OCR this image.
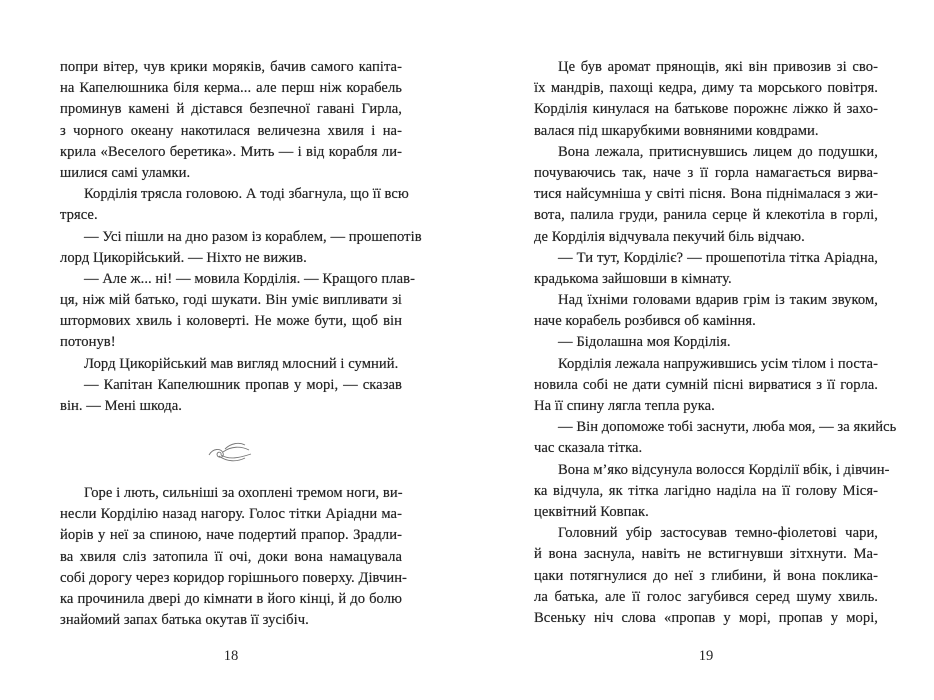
попри вітер, чув крики моряків, бачив самого капіта-
на Капелюшника біля керма... але перш ніж корабель
проминув камені й дістався безпечної гавані Гирла,
з чорного океану накотилася величезна хвиля і на-
крила «Веселого беретика». Мить — і від корабля ли-
шилися самі уламки.
Корділія трясла головою. А тоді збагнула, що її всю
трясе.
— Усі пішли на дно разом із кораблем, — прошепотів
лорд Цикорійський. — Ніхто не вижив.
— Але ж... ні! — мовила Корділія. — Кращого плав-
ця, ніж мій батько, годі шукати. Він уміє випливати зі
штормових хвиль і коловерті. Не може бути, щоб він
потонув!
Лорд Цикорійський мав вигляд млосний і сумний.
— Капітан Капелюшник пропав у морі, — сказав
він. — Мені шкода.
Горе і лють, сильніші за охоплені тремом ноги, ви-
несли Корділію назад нагору. Голос тітки Аріадни ма-
йорів у неї за спиною, наче подертий прапор. Зрадли-
ва хвиля сліз затопила її очі, доки вона намацувала
собі дорогу через коридор горішнього поверху. Дівчин-
ка прочинила двері до кімнати в його кінці, й до болю
знайомий запах батька окутав її зусібіч.
18
Це був аромат прянощів, які він привозив зі сво-
їх мандрів, пахощі кедра, диму та морського повітря.
Корділія кинулася на батькове порожнє ліжко й захо-
валася під шкарубкими вовняними ковдрами.
Вона лежала, притиснувшись лицем до подушки,
почуваючись так, наче з її горла намагається вирва-
тися найсумніша у світі пісня. Вона піднімалася з жи-
вота, палила груди, ранила серце й клекотіла в горлі,
де Корділія відчувала пекучий біль відчаю.
— Ти тут, Корділіє? — прошепотіла тітка Аріадна,
крадькома зайшовши в кімнату.
Над їхніми головами вдарив грім із таким звуком,
наче корабель розбився об каміння.
— Бідолашна моя Корділія.
Корділія лежала напружившись усім тілом і поста-
новила собі не дати сумній пісні вирватися з її горла.
На її спину лягла тепла рука.
— Він допоможе тобі заснути, люба моя, — за якийсь
час сказала тітка.
Вона м’яко відсунула волосся Корділії вбік, і дівчин-
ка відчула, як тітка лагідно наділа на її голову Міся-
цеквітний Ковпак.
Головний убір застосував темно-фіолетові чари,
й вона заснула, навіть не встигнувши зітхнути. Ма-
цаки потягнулися до неї з глибини, й вона поклика-
ла батька, але її голос загубився серед шуму хвиль.
Всеньку ніч слова «пропав у морі, пропав у морі,
19
